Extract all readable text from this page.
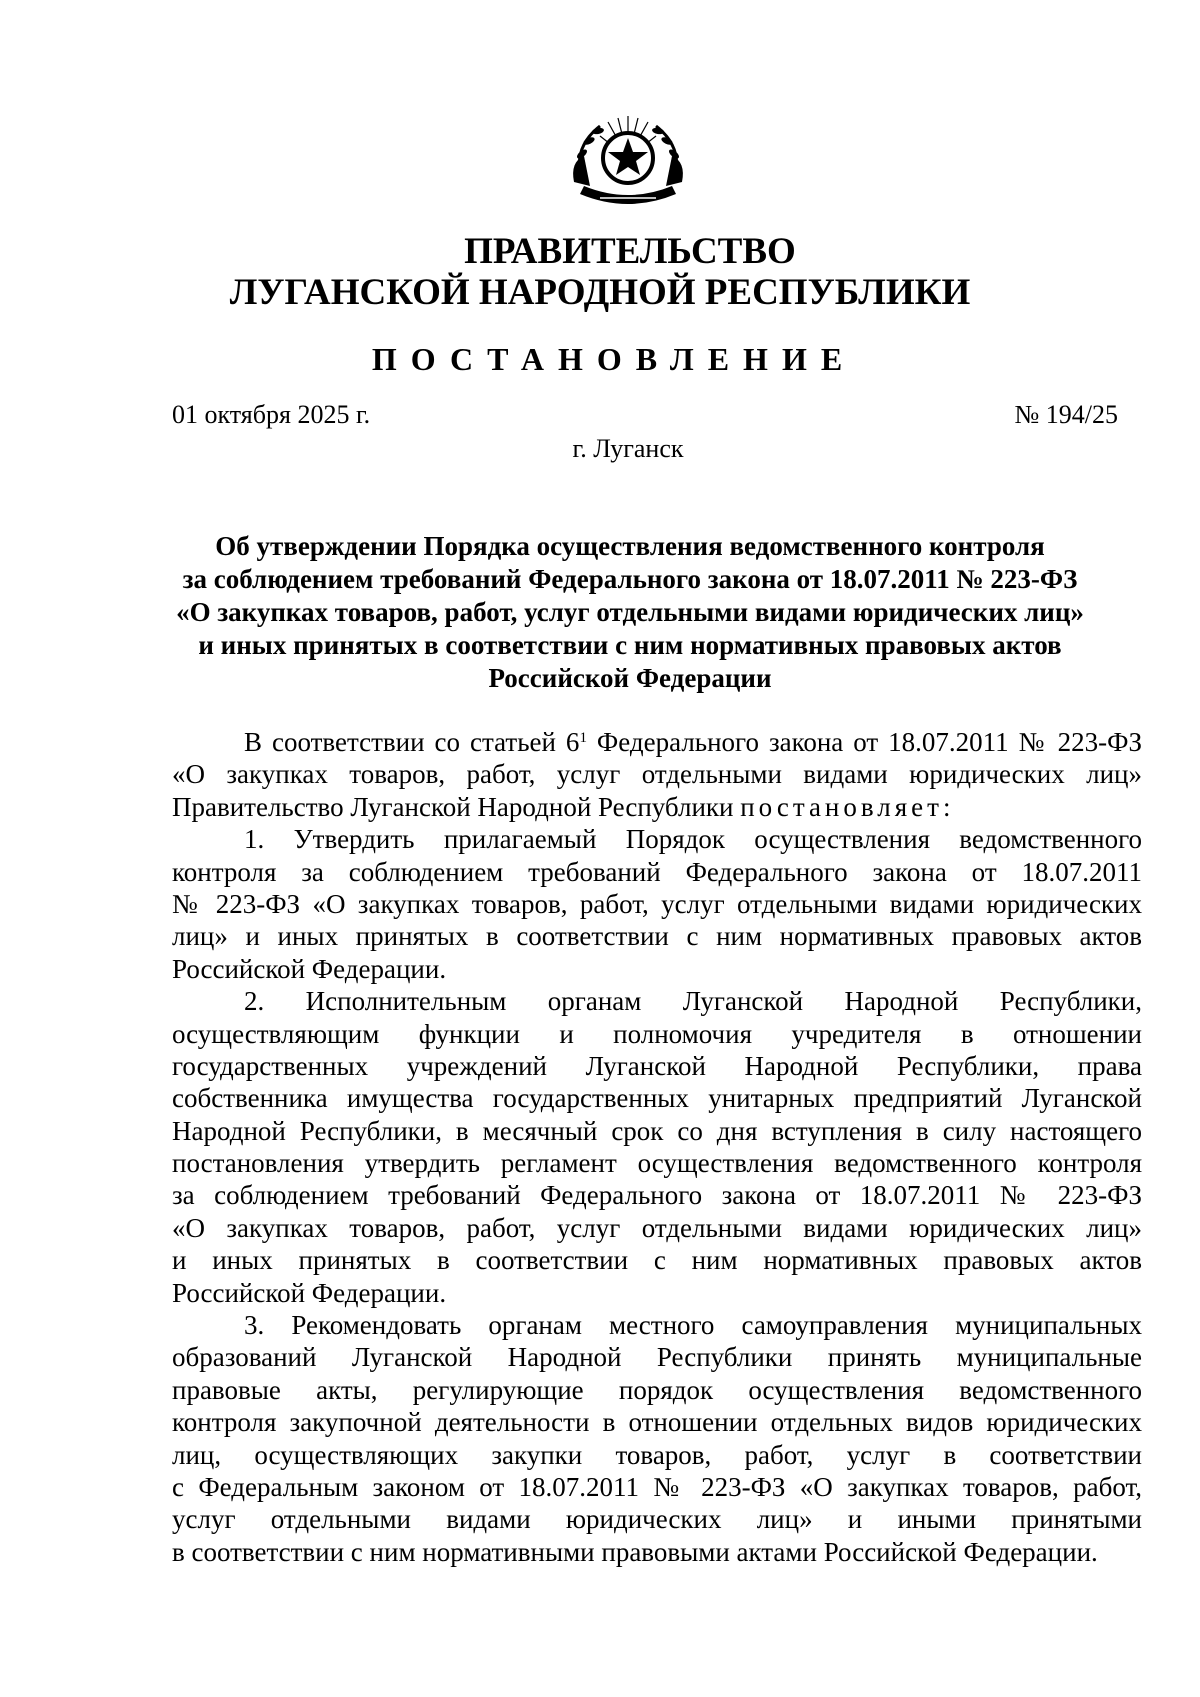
ПРАВИТЕЛЬСТВО

ЛУГАНСКОЙ НАРОДНОЙ РЕСПУБЛИКИ

ПОСТАНОВЛЕНИЕ

01 октября 2025 г.	№ 194/25
г. Луганск
Об утверждении Порядка осуществления ведомственного контроля
за соблюдением требований Федерального закона от 18.07.2011 № 223-ФЗ
«О закупках товаров, работ, услуг отдельными видами юридических лиц»
и иных принятых в соответствии с ним нормативных правовых актов
Российской Федерации
В соответствии со статьей $6^1$ Федерального закона от 18.07.2011 № 223-ФЗ
«О закупках товаров, работ, услуг отдельными видами юридических лиц»
Правительство Луганской Народной Республики постановляет:
1. Утвердить прилагаемый Порядок осуществления ведомственного
контроля за соблюдением требований Федерального закона от 18.07.2011
№ 223-ФЗ «О закупках товаров, работ, услуг отдельными видами юридических
лиц» и иных принятых в соответствии с ним нормативных правовых актов
Российской Федерации.
2. Исполнительным органам Луганской Народной Республики,
осуществляющим функции и полномочия учредителя в отношении
государственных учреждений Луганской Народной Республики, права
собственника имущества государственных унитарных предприятий Луганской
Народной Республики, в месячный срок со дня вступления в силу настоящего
постановления утвердить регламент осуществления ведомственного контроля
за соблюдением требований Федерального закона от 18.07.2011 № 223-ФЗ
«О закупках товаров, работ, услуг отдельными видами юридических лиц»
и иных принятых в соответствии с ним нормативных правовых актов
Российской Федерации.
3. Рекомендовать органам местного самоуправления муниципальных
образований Луганской Народной Республики принять муниципальные
правовые акты, регулирующие порядок осуществления ведомственного
контроля закупочной деятельности в отношении отдельных видов юридических
лиц, осуществляющих закупки товаров, работ, услуг в соответствии
с Федеральным законом от 18.07.2011 № 223-ФЗ «О закупках товаров, работ,
услуг отдельными видами юридических лиц» и иными принятыми
в соответствии с ним нормативными правовыми актами Российской Федерации.
